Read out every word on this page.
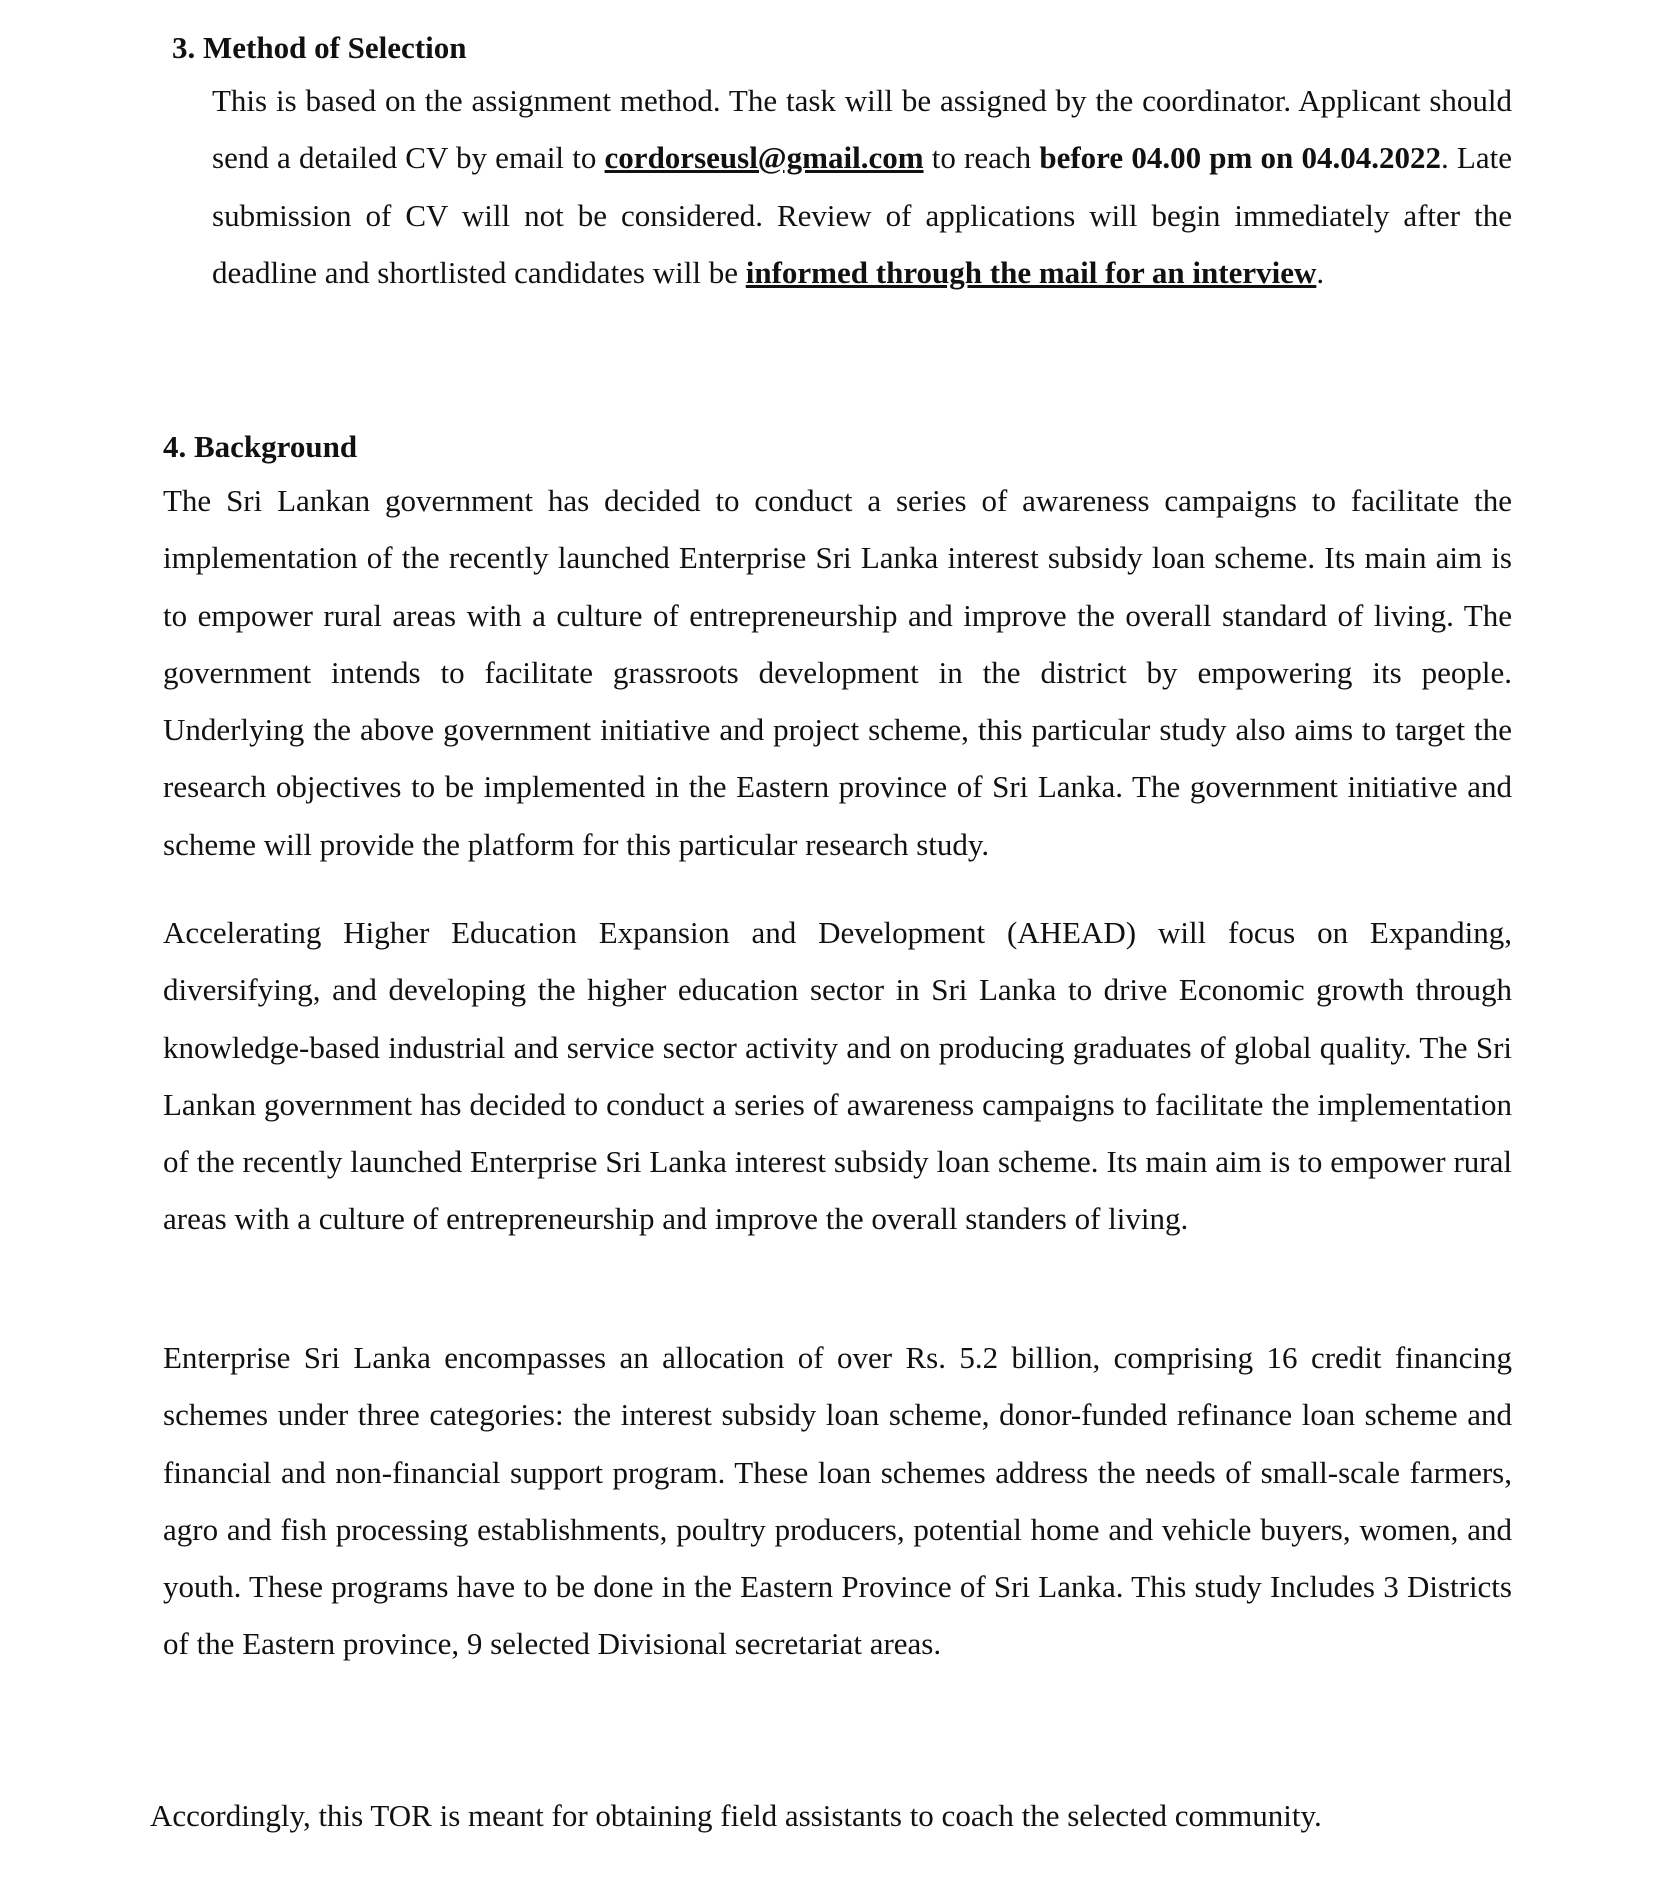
3. Method of Selection

This is based on the assignment method. The task will be assigned by the coordinator. Applicant should send a detailed CV by email to cordorseusl@gmail.com to reach before 04.00 pm on 04.04.2022. Late submission of CV will not be considered. Review of applications will begin immediately after the deadline and shortlisted candidates will be informed through the mail for an interview.

4. Background

The Sri Lankan government has decided to conduct a series of awareness campaigns to facilitate the implementation of the recently launched Enterprise Sri Lanka interest subsidy loan scheme. Its main aim is to empower rural areas with a culture of entrepreneurship and improve the overall standard of living. The government intends to facilitate grassroots development in the district by empowering its people. Underlying the above government initiative and project scheme, this particular study also aims to target the research objectives to be implemented in the Eastern province of Sri Lanka. The government initiative and scheme will provide the platform for this particular research study.

Accelerating Higher Education Expansion and Development (AHEAD) will focus on Expanding, diversifying, and developing the higher education sector in Sri Lanka to drive Economic growth through knowledge-based industrial and service sector activity and on producing graduates of global quality. The Sri Lankan government has decided to conduct a series of awareness campaigns to facilitate the implementation of the recently launched Enterprise Sri Lanka interest subsidy loan scheme. Its main aim is to empower rural areas with a culture of entrepreneurship and improve the overall standers of living.

Enterprise Sri Lanka encompasses an allocation of over Rs. 5.2 billion, comprising 16 credit financing schemes under three categories: the interest subsidy loan scheme, donor-funded refinance loan scheme and financial and non-financial support program. These loan schemes address the needs of small-scale farmers, agro and fish processing establishments, poultry producers, potential home and vehicle buyers, women, and youth. These programs have to be done in the Eastern Province of Sri Lanka. This study Includes 3 Districts of the Eastern province, 9 selected Divisional secretariat areas.

Accordingly, this TOR is meant for obtaining field assistants to coach the selected community.
